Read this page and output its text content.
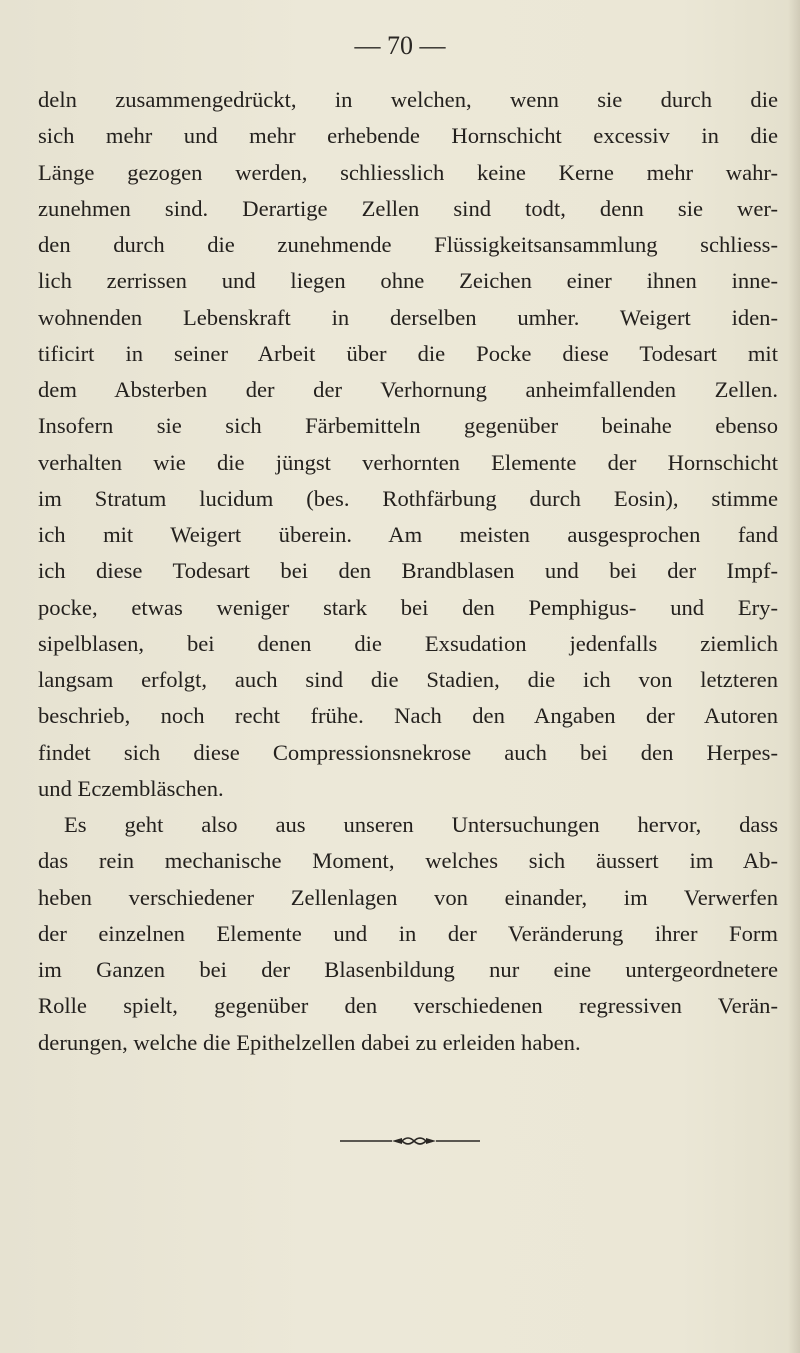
— 70 —
deln zusammengedrückt, in welchen, wenn sie durch die
sich mehr und mehr erhebende Hornschicht excessiv in die
Länge gezogen werden, schliesslich keine Kerne mehr wahr-
zunehmen sind. Derartige Zellen sind todt, denn sie wer-
den durch die zunehmende Flüssigkeitsansammlung schliess-
lich zerrissen und liegen ohne Zeichen einer ihnen inne-
wohnenden Lebenskraft in derselben umher. Weigert iden-
tificirt in seiner Arbeit über die Pocke diese Todesart mit
dem Absterben der der Verhornung anheimfallenden Zellen.
Insofern sie sich Färbemitteln gegenüber beinahe ebenso
verhalten wie die jüngst verhornten Elemente der Hornschicht
im Stratum lucidum (bes. Rothfärbung durch Eosin), stimme
ich mit Weigert überein. Am meisten ausgesprochen fand
ich diese Todesart bei den Brandblasen und bei der Impf-
pocke, etwas weniger stark bei den Pemphigus- und Ery-
sipelblasen, bei denen die Exsudation jedenfalls ziemlich
langsam erfolgt, auch sind die Stadien, die ich von letzteren
beschrieb, noch recht frühe. Nach den Angaben der Autoren
findet sich diese Compressionsnekrose auch bei den Herpes-
und Eczembläschen.
Es geht also aus unseren Untersuchungen hervor, dass
das rein mechanische Moment, welches sich äussert im Ab-
heben verschiedener Zellenlagen von einander, im Verwerfen
der einzelnen Elemente und in der Veränderung ihrer Form
im Ganzen bei der Blasenbildung nur eine untergeordnetere
Rolle spielt, gegenüber den verschiedenen regressiven Verän-
derungen, welche die Epithelzellen dabei zu erleiden haben.
